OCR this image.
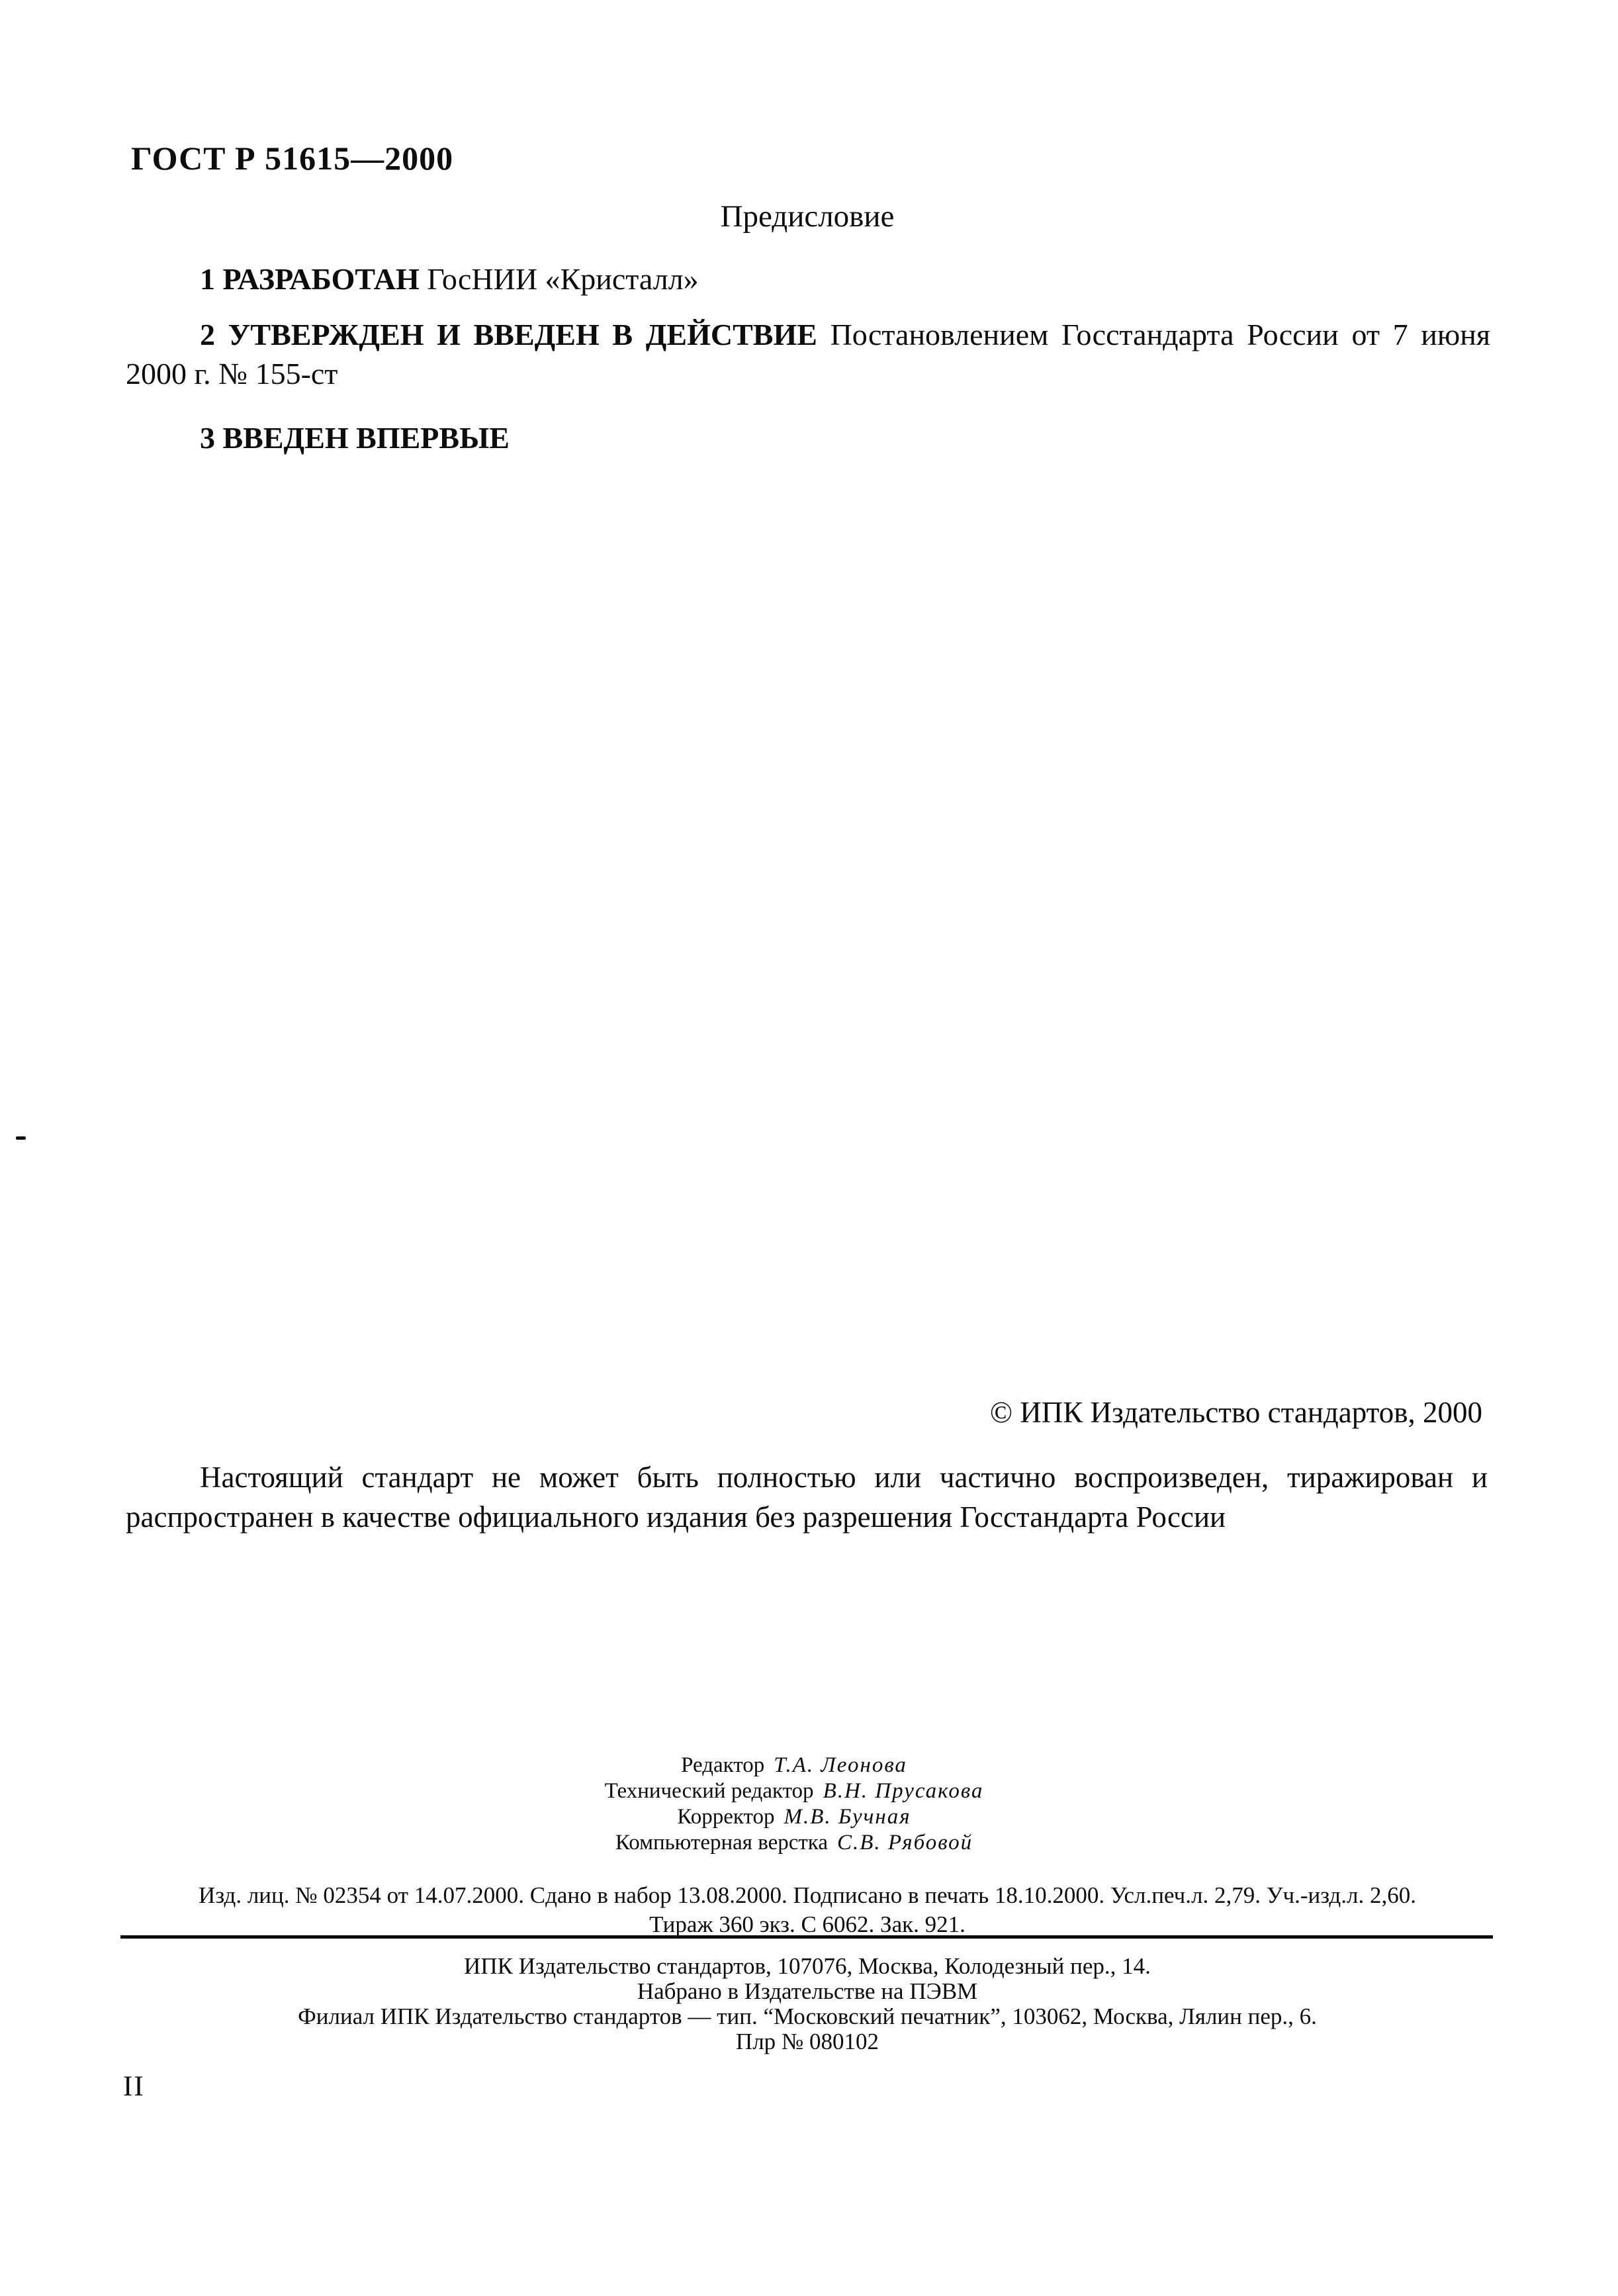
ГОСТ Р 51615—2000
Предисловие

1 РАЗРАБОТАН ГосНИИ «Кристалл»

2 УТВЕРЖДЕН И ВВЕДЕН В ДЕЙСТВИЕ Постановлением Госстандарта России от 7 июня 2000 г. № 155-ст

3 ВВЕДЕН ВПЕРВЫЕ

© ИПК Издательство стандартов, 2000

Настоящий стандарт не может быть полностью или частично воспроизведен, тиражирован и распространен в качестве официального издания без разрешения Госстандарта России

Редактор Т.А. Леонова
Технический редактор В.Н. Прусакова
Корректор М.В. Бучная
Компьютерная верстка С.В. Рябовой
Изд. лиц. № 02354 от 14.07.2000. Сдано в набор 13.08.2000. Подписано в печать 18.10.2000. Усл.печ.л. 2,79. Уч.-изд.л. 2,60.
Тираж 360 экз. С 6062. Зак. 921.
ИПК Издательство стандартов, 107076, Москва, Колодезный пер., 14.
Набрано в Издательстве на ПЭВМ
Филиал ИПК Издательство стандартов — тип. “Московский печатник”, 103062, Москва, Лялин пер., 6.
Плр № 080102
II
